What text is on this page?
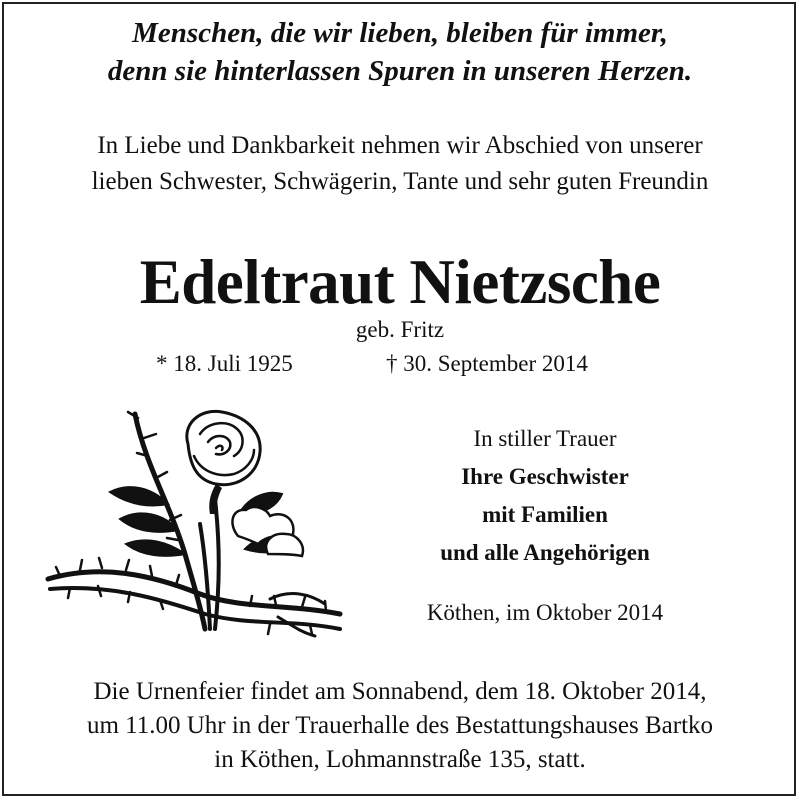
Menschen, die wir lieben, bleiben für immer,
denn sie hinterlassen Spuren in unseren Herzen.
In Liebe und Dankbarkeit nehmen wir Abschied von unserer
lieben Schwester, Schwägerin, Tante und sehr guten Freundin
Edeltraut Nietzsche
geb. Fritz
* 18. Juli 1925	† 30. September 2014
In stiller Trauer
Ihre Geschwister
mit Familien
und alle Angehörigen
Köthen, im Oktober 2014
Die Urnenfeier findet am Sonnabend, dem 18. Oktober 2014,
um 11.00 Uhr in der Trauerhalle des Bestattungshauses Bartko
in Köthen, Lohmannstraße 135, statt.
